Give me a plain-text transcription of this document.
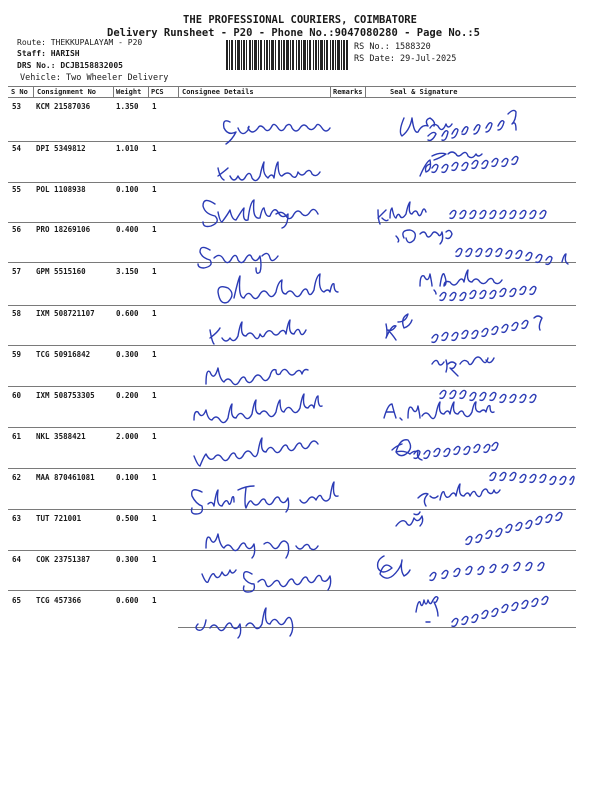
THE PROFESSIONAL COURIERS, COIMBATORE
Delivery Runsheet - P20 - Phone No.:9047080280 - Page No.:5
Route: THEKKUPALAYAM - P20
Staff: HARISH
DRS No.: DCJB15883200​5
Vehicle: Two Wheeler Delivery
RS No.: 1588320
RS Date: 29-Jul-2025
S No Consignment No	Weight PCS	Consignee Details	Remarks	Seal & Signature
53 KCM 21587036	1.350 1
54 DPI 5349812	1.010 1
55 POL 1108938	0.100 1
56 PRO 18269106	0.400 1
57 GPM 5515160	3.150 1
58 IXM 508721107	0.600 1
59 TCG 50916842	0.300 1
60 IXM 508753305	0.200 1
61 NKL 3588421	2.000 1
62 MAA 870461081	0.100 1
63 TUT 721001	0.500 1
64 COK 23751387	0.300 1
65 TCG 457366	0.600 1
